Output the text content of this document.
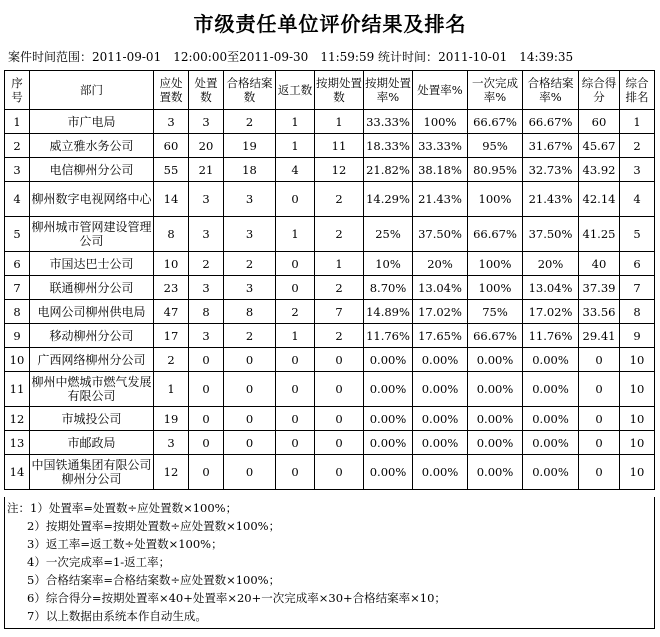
市级责任单位评价结果及排名
案件时间范围：2011-09-01　12:00:00至2011-09-30　11:59:59 统计时间：2011-10-01　14:39:35
序号	部门	应处置数	处置数	合格结案数	返工数	按期处置数	按期处置率%	处置率%	一次完成率%	合格结案率%	综合得分	综合排名
1	市广电局	3	3	2	1	1	33.33%	100%	66.67%	66.67%	60	1
2	威立雅水务公司	60	20	19	1	11	18.33%	33.33%	95%	31.67%	45.67	2
3	电信柳州分公司	55	21	18	4	12	21.82%	38.18%	80.95%	32.73%	43.92	3
4	柳州数字电视网络中心	14	3	3	0	2	14.29%	21.43%	100%	21.43%	42.14	4
5	柳州城市管网建设管理公司	8	3	3	1	2	25%	37.50%	66.67%	37.50%	41.25	5
6	市国达巴士公司	10	2	2	0	1	10%	20%	100%	20%	40	6
7	联通柳州分公司	23	3	3	0	2	8.70%	13.04%	100%	13.04%	37.39	7
8	电网公司柳州供电局	47	8	8	2	7	14.89%	17.02%	75%	17.02%	33.56	8
9	移动柳州分公司	17	3	2	1	2	11.76%	17.65%	66.67%	11.76%	29.41	9
10	广西网络柳州分公司	2	0	0	0	0	0.00%	0.00%	0.00%	0.00%	0	10
11	柳州中燃城市燃气发展有限公司	1	0	0	0	0	0.00%	0.00%	0.00%	0.00%	0	10
12	市城投公司	19	0	0	0	0	0.00%	0.00%	0.00%	0.00%	0	10
13	市邮政局	3	0	0	0	0	0.00%	0.00%	0.00%	0.00%	0	10
14	中国铁通集团有限公司柳州分公司	12	0	0	0	0	0.00%	0.00%	0.00%	0.00%	0	10
注：1）处置率=处置数÷应处置数×100%；
2）按期处置率=按期处置数÷应处置数×100%；
3）返工率=返工数÷处置数×100%；
4）一次完成率=1-返工率；
5）合格结案率=合格结案数÷应处置数×100%；
6）综合得分=按期处置率×40+处置率×20+一次完成率×30+合格结案率×10；
7）以上数据由系统本作自动生成。
